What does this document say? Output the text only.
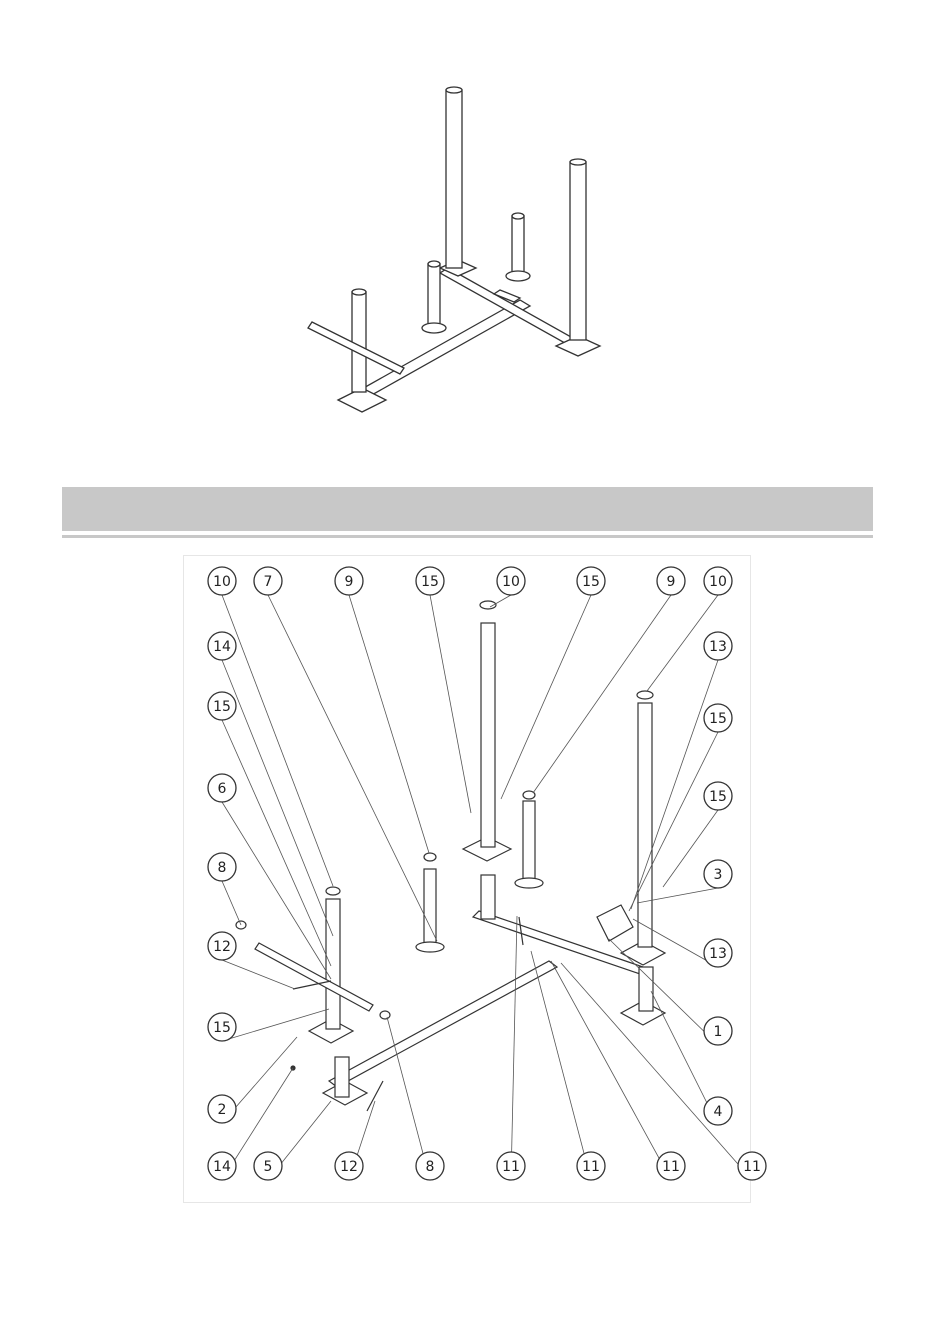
10 7	9	15	10	15	9 10
14	13
15
15
6	15
8	3
12	13
15	1
2	4
14 5	12	8	11	11	11	11
